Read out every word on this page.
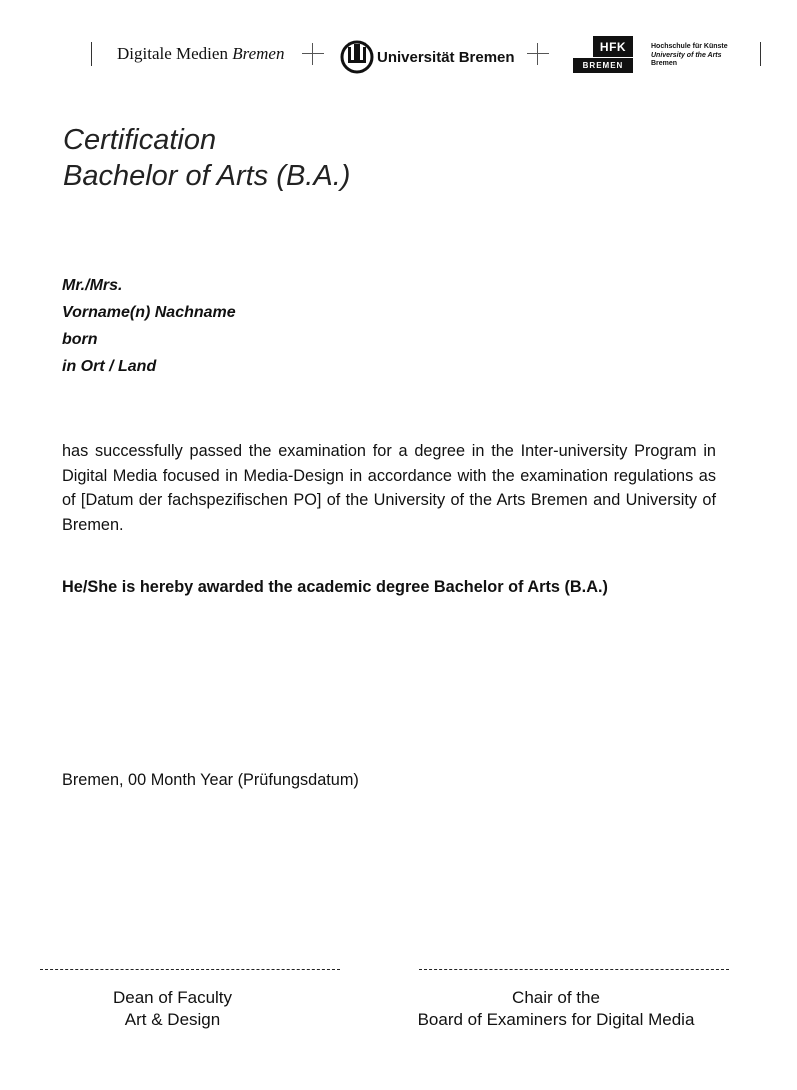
Digitale Medien Bremen	Universität Bremen
HFK
BREMEN
Hochschule für Künste
University of the Arts
Bremen
Certification
Bachelor of Arts (B.A.)
Mr./Mrs.
Vorname(n) Nachname
born
in Ort / Land
has successfully passed the examination for a degree in the Inter-university Program in Digital Media focused in Media-Design in accordance with the examination regulations as of [Datum der fachspezifischen PO] of the University of the Arts Bremen and University of Bremen.
He/She is hereby awarded the academic degree Bachelor of Arts (B.A.)
Bremen, 00 Month Year (Prüfungsdatum)
Dean of Faculty
Art & Design
Chair of the
Board of Examiners for Digital Media
